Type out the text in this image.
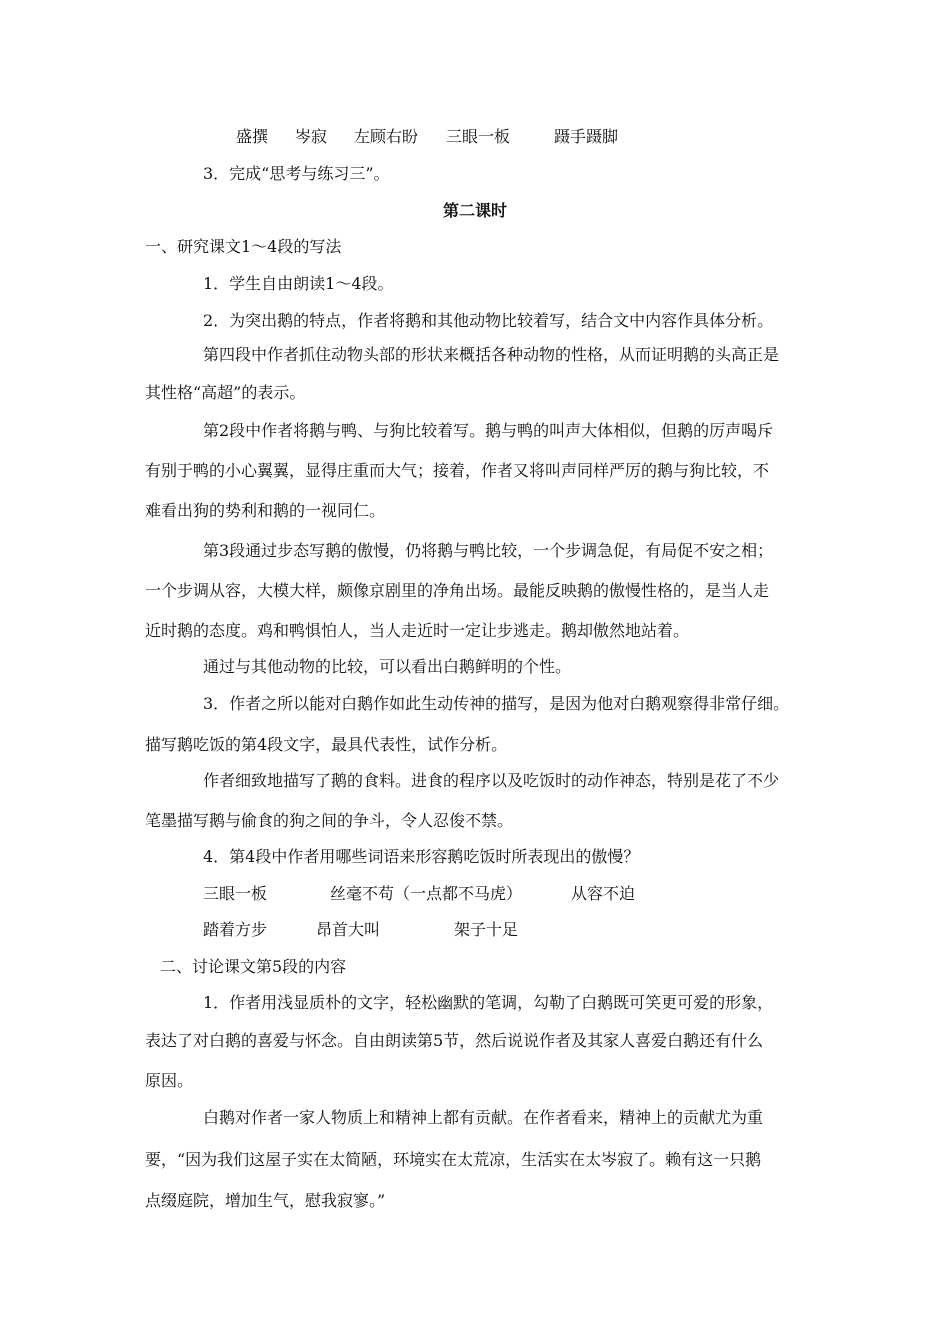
盛撰 岑寂 左顾右盼 三眼一板	蹑手蹑脚

3．完成“思考与练习三”。

第二课时

一、研究课文1～4段的写法

1．学生自由朗读1～4段。

2．为突出鹅的特点，作者将鹅和其他动物比较着写，结合文中内容作具体分析。

第四段中作者抓住动物头部的形状来概括各种动物的性格，从而证明鹅的头高正是

其性格“高超”的表示。

第2段中作者将鹅与鸭、与狗比较着写。鹅与鸭的叫声大体相似，但鹅的厉声喝斥

有别于鸭的小心翼翼，显得庄重而大气；接着，作者又将叫声同样严厉的鹅与狗比较，不

难看出狗的势利和鹅的一视同仁。

第3段通过步态写鹅的傲慢，仍将鹅与鸭比较，一个步调急促，有局促不安之相；

一个步调从容，大模大样，颇像京剧里的净角出场。最能反映鹅的傲慢性格的，是当人走

近时鹅的态度。鸡和鸭惧怕人，当人走近时一定让步逃走。鹅却傲然地站着。

通过与其他动物的比较，可以看出白鹅鲜明的个性。

3．作者之所以能对白鹅作如此生动传神的描写，是因为他对白鹅观察得非常仔细。

描写鹅吃饭的第4段文字，最具代表性，试作分析。

作者细致地描写了鹅的食料。进食的程序以及吃饭时的动作神态，特别是花了不少

笔墨描写鹅与偷食的狗之间的争斗，令人忍俊不禁。

4．第4段中作者用哪些词语来形容鹅吃饭时所表现出的傲慢？

三眼一板	丝毫不苟（一点都不马虎）	从容不迫
踏着方步	昂首大叫	架子十足

二、讨论课文第5段的内容

1．作者用浅显质朴的文字，轻松幽默的笔调，勾勒了白鹅既可笑更可爱的形象，

表达了对白鹅的喜爱与怀念。自由朗读第5节，然后说说作者及其家人喜爱白鹅还有什么

原因。

白鹅对作者一家人物质上和精神上都有贡献。在作者看来，精神上的贡献尤为重

要，“因为我们这屋子实在太简陋，环境实在太荒凉，生活实在太岑寂了。赖有这一只鹅

点缀庭院，增加生气，慰我寂寥。”
